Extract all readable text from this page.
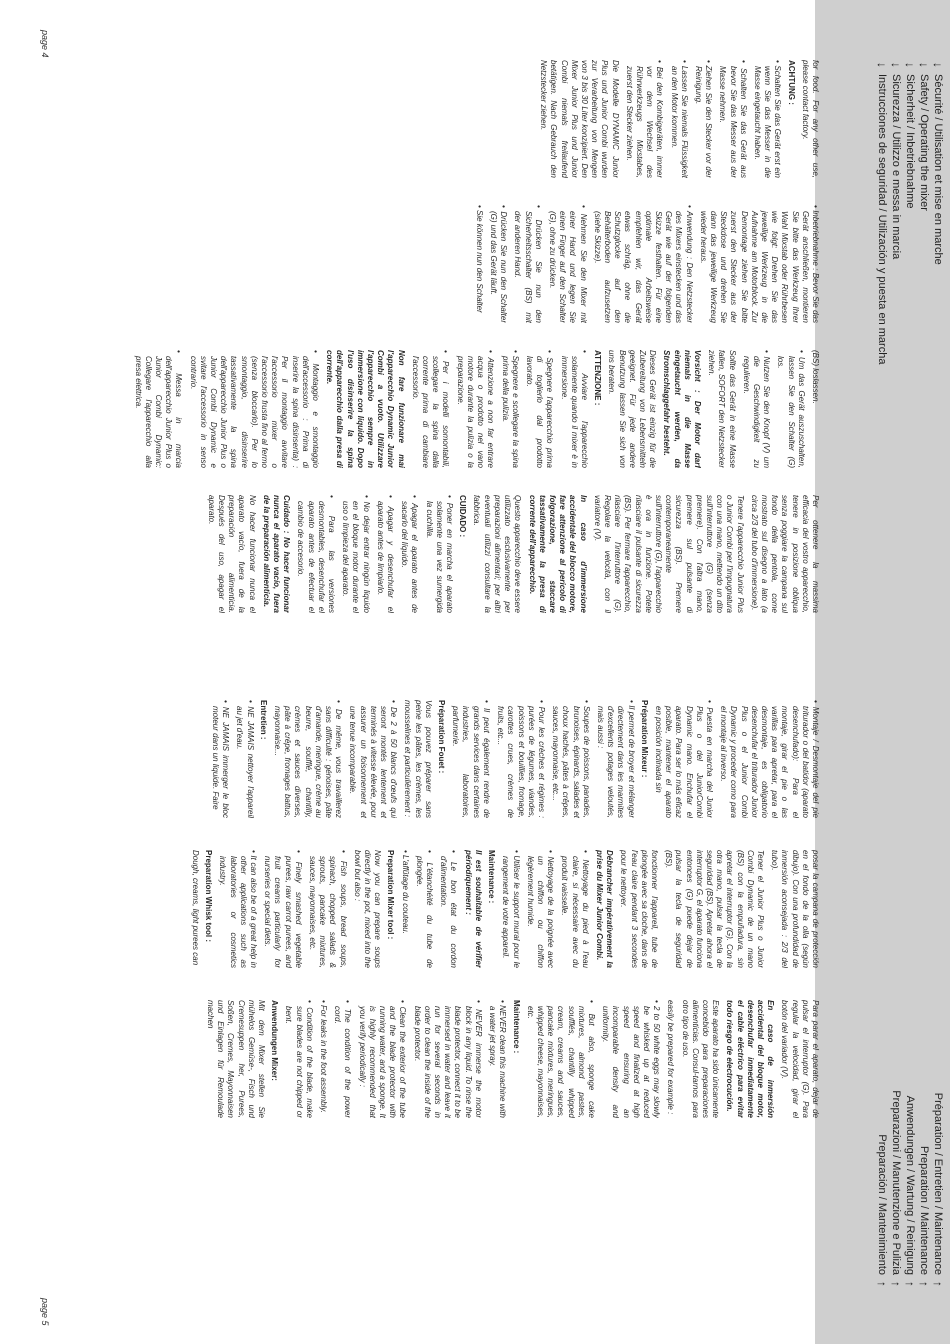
page 4
page 5
↓
Sécurité / Utilisation et mise en marche
↓
Safety / Operating the mixer
↓
Sicherheit / Inbetriebnahme
↓
Sicurezza / Utilizzo e messa in marcia
↓
Instrucciones de seguridad / Utilización y puesta en marcha
Préparation / Entretien / Maintenance
↑
Preparation / Maintenance
↑
Anwendungen / Wartung / Reinigung
↑
Preparazioni / Manutenzione e Pulizia
↑
Preparación / Mantenimiento
↑

for food. For any other use, please contact factory.

ACHTUNG :

• Schalten Sie das Gerät erst ein wenn Sie das Messer in die Masse eingetaucht haben.

• Schalten Sie das Gerät aus bevor Sie das Messer aus der Masse nehmen.

• Ziehen Sie den Stecker vor der Reinigung.

• Lassen Sie niemals Flüssigkeit an den Motor kommen.

• Bei den Kombigeräten, immer vor dem Wechsel des Rührwerkzeugs Mixstabes, zuerst den Stecker ziehen.

Die Modelle DYNAMIC Junior Plus und Junior Combi wurden zur Verarbeitung von Mengen von 3 bis 30 Liter konzipiert. Den Mixer Junior Plus und Junior Combi niemals freilaufend betätigen. Nach Gebrauch den Netzstecker ziehen.

• Inbetriebnahme : Bevor Sie das Gerät anschließen, montieren Sie bitte das Werkzeug Ihrer Wahl Mixstab oder Rührbesen wie folgt: Drehen Sie das jeweilige Werkzeug in die Aufnahme am Motorblock. Zur Demontage ziehen Sie bitte zuerst den Stecker aus der Steckdose und drehen Sie dann das jeweilige Werkzeug wieder heraus.

• Anwendung : Den Netzstecker des Mixers einstecken und das Gerät wie auf der folgenden Skizze festhalten. Für eine optimale Arbeitsweise empfehlen wir, das Gerät etwas schräg, ohne die Schutzglocke auf den Behälterboden aufzusetzen (siehe Skizze).

• Nehmen Sie den Mixer mit einer Hand und legen Sie einen Finger auf den Schalter (G), ohne zu drücken.

• Drücken Sie nun den Sicherheitsschalter (BS) mit der anderen Hand.

• Drücken Sie nun den Schalter (G) und das Gerät läuft.

• Sie können nun den Schalter

(BS) loslassen.

• Um das Gerät auszuschalten, lassen Sie den Schalter (G) los.

• Nutzen Sie den Knopf (V) um die Geschwindigkeit zu regulieren.

Sollte das Gerät in eine Masse fallen, SOFORT den Netzstecker ziehen.

Vorsicht : Der Motor darf niemals in die Masse eingetaucht werden, da Stromschlaggefahr besteht.

Dieses Gerät ist einzig für die Zubereitung von Lebensmitteln geeignet. Für jede andere Benutzung lassen Sie sich von uns beraten.

ATTENZIONE :

• Avviare l'apparecchio solamente quando il mixer è in immersione.

• Spegnere l'apparecchio prima di toglierlo dal prodotto lavorato.

• Spegnere e scollegare la spina prima della pulizia.

• Attenzione a non far entrare acqua o prodotto nel vano motore durante la pulizia o la preparazione.

• Per i modelli somontabili, scollegare la spina dalla corrente prima di cambiare l'accessorio.

Non fare funzionare mai l'apparecchio Dynamic Junior Combi a vuoto. Utilizzare l'apparecchio sempre in immersione con liquido. Dopo l'uso disinserire la spina dell'apparecchio dalla presa di corrente.

• Montaggio e smontaggio dell'accessorio : Prima di inserire la spina disinserita) : Per il montaggio avvitare l'accessorio mixer o l'accessorio frusta fino al fermo (senza bloccarlo). Per lo smontaggio, disinserire tassativamente la spina dell'apparecchio Junior Plus o Junior Combi Dynamic e svitare l'accessorio in senso contrario.

• Messa in marcia dell'apparecchio Junior Plus o Junior Combi Dynamic: Collegare l'apparecchio alla presa elettrica.

Per ottenere la massima efficacia del vostro apparecchio, tenere in posizione obliqua senza poggiare la campana sul fondo della pentola, come mostrato sul disegno a lato (a circa 2/3 del tubo d'immersione).

Tenere l'apparecchio Junior Plus o Junior Combi per l'impugnatura con una mano, mettendo un dito sull'interruttore (G) (senza premere). Con l'altra mano, premere sul pulsante di sicurezza (BS). Premere contemporaneamente sull'interruttore (G), l'apparecchio è ora in funzione. Potete rilasciare il pulsante di sicurezza (BS). Per fermare l'apparecchio, rilasciare l'interruttore (G). Regolare la velocità, con il variatore (V).

In caso d'immersione accidentale del blocco motore, fare attenzione al pericolo di folgorazione, staccare tassativamente la presa di corrente dell'apparecchio.

Questo apparecchio deve essere utilizzato esclusivamente per preparazioni alimentari; per altri eventuali utilizzi consultare la fabbrica.

CUIDADO :

• Poner en marcha el aparato solamente una vez sumergida la cuchilla.

• Apagar el aparato antes de sacarlo del líquido.

• Apagar y desenchufar el aparato antes de limpiarlo.

• No dejar entrar ningún liquido en el bloque motor durante el uso o limpieza del aparato.

• Para las versiones desmontables, desenchufar el aparato antes de efectuar el cambio de accesorio.

Cuidado : No hacer funcionar nunca el aparato vacío, fuera de la preparación alimenticia.

No hacer funcionar nunca el aparato vacío, fuera de la preparación alimenticia. Después del uso, apagar el aparato.

• Montaje / Desmontaje del pie triturador o del batidor (aparato desenchufado): Para el montaje, girar el pie o las varillas para apretar, para el desmontaje, es obligatorio desenchufar el triturador Junior Plus o el Junior Combi Dynamic y proceder como para el montaje al inverso.

• Puesta en marcha del Junior Plus o del JuniorCombi Dynamic mano. Enchufar el aparato. Para ser lo más eficaz posible, mantener el aparato en posición inclinada sin

Préparation Mixeur :

• Il permet de broyer et mélanger directement dans les marmites d'excellents potages veloutés, mais aussi :

• Soupes de poissons, panades, brunoises, épinards, salades et choux hachés, pâtes à crêpes, sauces, mayonnaise, etc...

• Pour les crèches et régimes : purées de légumes, viandes, poissons et bouillies, fromage, carottes crues, crèmes de fruits, etc...

• Il peut également rendre de grands services dans certaines industries, laboratoires, parfumerie.

Préparation Fouet :

Vous pouvez préparer sans peine les pâtes, les crèmes, les mousselines et particulièrement :

• De 2 à 50 blancs d'œufs qui seront montés lentement et terminés à vitesse élevée, pour assurer un foisonnement et une tenue incomparable.

• De même, vous travaillerez sans difficulté : génoises, pâte d'amande, meringue, crème au beurre, soufflé, chantilly, crèmes et sauces diverses, pâte à crêpe, fromages battus, mayonnaise...

Entretien :

• NE JAMAIS nettoyer l'appareil au jet d'eau.

• NE JAMAIS immerger le bloc moteur dans un liquide. Faire

posar la campana de protección en el fondo de la olla (según dibujo). Con una profundidad de inmersión aconsejada : 2/3 del tubo).

Tener el Junior Plus o Junior Combi Dynamic de un mano (BS) con la empuñadura, sin apretar el interruptor (G). Con la otra mano, pulsar la tecla de seguridad (BS). Apretar ahora el interruptor G, el aparato funciona entonces (G) puede dejar de pulsar la tecla de seguridad (BS).

fonctionner l'appareil, tube de plongée avec sa cloche, dans de l'eau claire pendant 3 secondes pour le nettoyer.

Débrancher impérativement la prise du Mixer Junior Combi.

• Nettoyage du pied à l'eau claire, si nécessaire avec du produit vaisselle.

• Nettoyage de la poignée avec un chiffon ou chiffon légèrement humide.

• Utiliser le support mural pour le rangement de votre appareil.

Maintenance :

Il est souhaitable de vérifier périodiquement :

• Le bon état du cordon d'alimentation.

• L'étanchéité du tube de plongée.

• L'affûtage du couteau.

Preparation Mixer tool :

Now you can prepare soups directly in the pot, mixed into the bowl but also :

• Fish soups, bread soups, spinach, chopped salads & sprouts, pancake mixtures, sauces, mayonnaises, etc.

• Finely smashed vegetable purees, raw carrot purees, and fruit creams particularly for nurseries or special diets.

• It can also be of a great help in other applications such as laboratories or cosmetics industry.

Preparation Whisk tool :

Dough, creams, light purees can

Para parar el aparato, dejar de pulsar el interruptor (G). Para regular la velocidad, girar el botón del variador (V).

En caso de inmersión accidental del bloque motor, desenchufar inmediatamente el cable eléctrico para evitar todo riesgo de electrocución.

Este aparato ha sido únicamente concebido para preparaciones alimenticias. Consul-tarnos para otro tipo de uso.

easily be prepared for example :

• 2 to 50 white eggs may slowly be whisked up at reduced speed and finalized at high speed ensuring an incomparable density and uniformity.

• But also, sponge cake mixtures, almond pastes, soufflés, chantilly whipped cream, creams and sauces, pancake mixtures, meringues, whipped cheese, mayonnaises, etc.

Maintenance :

• NEVER clean this machine with a water jet spray.

• NEVER immerse the motor block in any liquid. To rinse the blade protector, connect it to be immersed in water and leave it run for several seconds in order to clean the inside of the blade protector.

• Clean the exterior of the tube and the blade protector with running water, and a sponge. It is highly recommended that you verify periodically :

• The condition of the power cord.

• For leaks in the foot assembly.

• Condition of the blade, make sure blades are not chipped or bent.

Anwendungen Mixer:

Mit dem Mixer stellen Sie mühelos Gemüse-, Fisch und Cremesuppen her, Purees, Soßen, Cremes, Mayonnaisen und Einlagen für Remoulade machen
